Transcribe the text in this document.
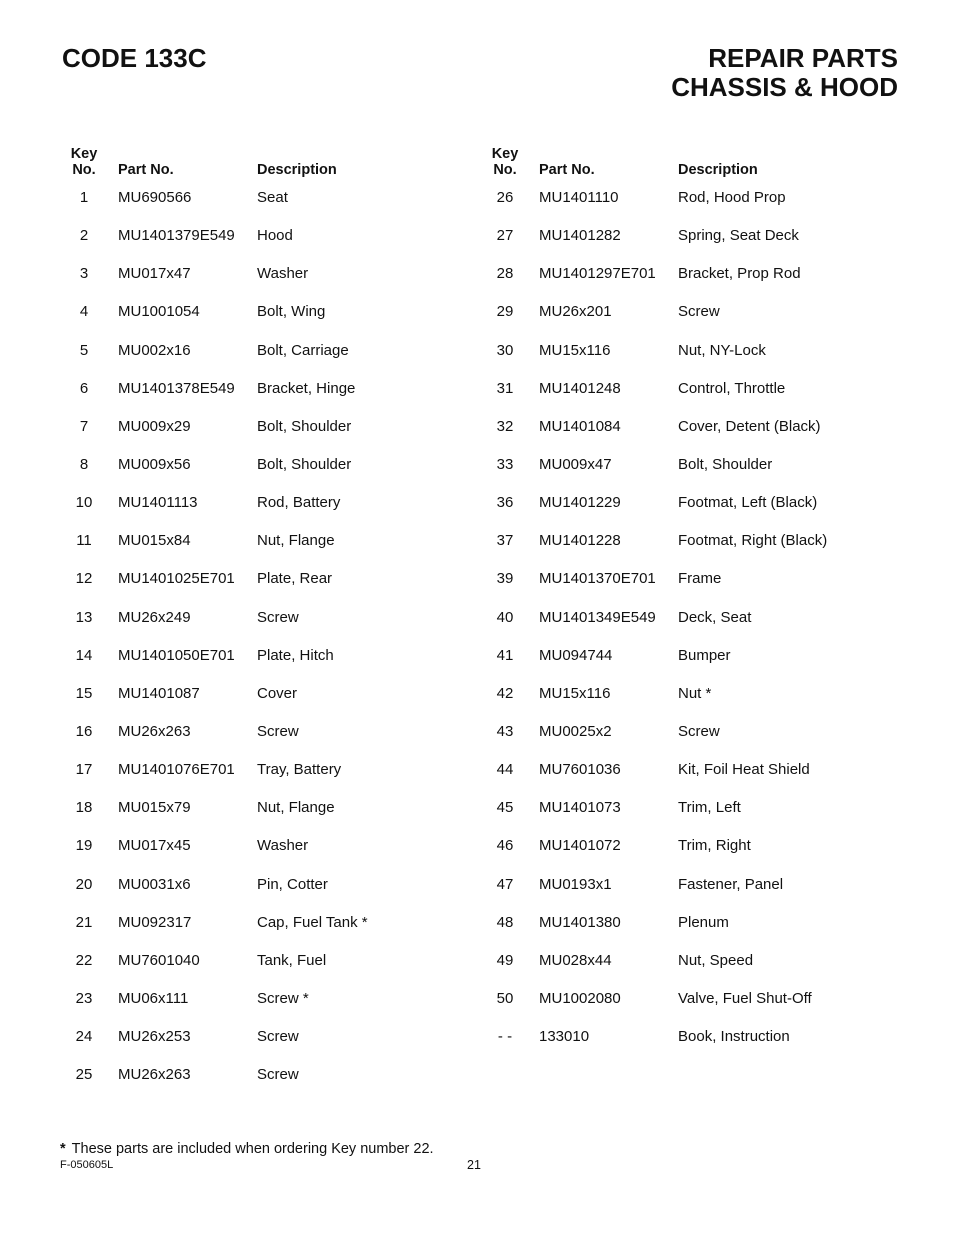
CODE 133C	REPAIR PARTS
CHASSIS & HOOD
Key
No.	Part No.	Description
1	MU690566	Seat
2	MU1401379E549 Hood
3	MU017x47	Washer
4	MU1001054	Bolt, Wing
5	MU002x16	Bolt, Carriage
6	MU1401378E549 Bracket, Hinge
7	MU009x29	Bolt, Shoulder
8	MU009x56	Bolt, Shoulder
10	MU1401113	Rod, Battery
11	MU015x84	Nut, Flange
12	MU1401025E701 Plate, Rear
13	MU26x249	Screw
14	MU1401050E701 Plate, Hitch
15	MU1401087	Cover
16	MU26x263	Screw
17	MU1401076E701 Tray, Battery
18	MU015x79	Nut, Flange
19	MU017x45	Washer
20	MU0031x6	Pin, Cotter
21	MU092317	Cap, Fuel Tank *
22	MU7601040	Tank, Fuel
23	MU06x111	Screw *
24	MU26x253	Screw
25	MU26x263	Screw
Key
No.	Part No.	Description
26	MU1401110	Rod, Hood Prop
27	MU1401282	Spring, Seat Deck
28	MU1401297E701 Bracket, Prop Rod
29	MU26x201	Screw
30	MU15x116	Nut, NY-Lock
31	MU1401248	Control, Throttle
32	MU1401084	Cover, Detent (Black)
33	MU009x47	Bolt, Shoulder
36	MU1401229	Footmat, Left (Black)
37	MU1401228	Footmat, Right (Black)
39	MU1401370E701 Frame
40	MU1401349E549 Deck, Seat
41	MU094744	Bumper
42	MU15x116	Nut *
43	MU0025x2	Screw
44	MU7601036	Kit, Foil Heat Shield
45	MU1401073	Trim, Left
46	MU1401072	Trim, Right
47	MU0193x1	Fastener, Panel
48	MU1401380	Plenum
49	MU028x44	Nut, Speed
50	MU1002080	Valve, Fuel Shut-Off
- -	133010	Book, Instruction

* These parts are included when ordering Key number 22.

F-050605L	21
